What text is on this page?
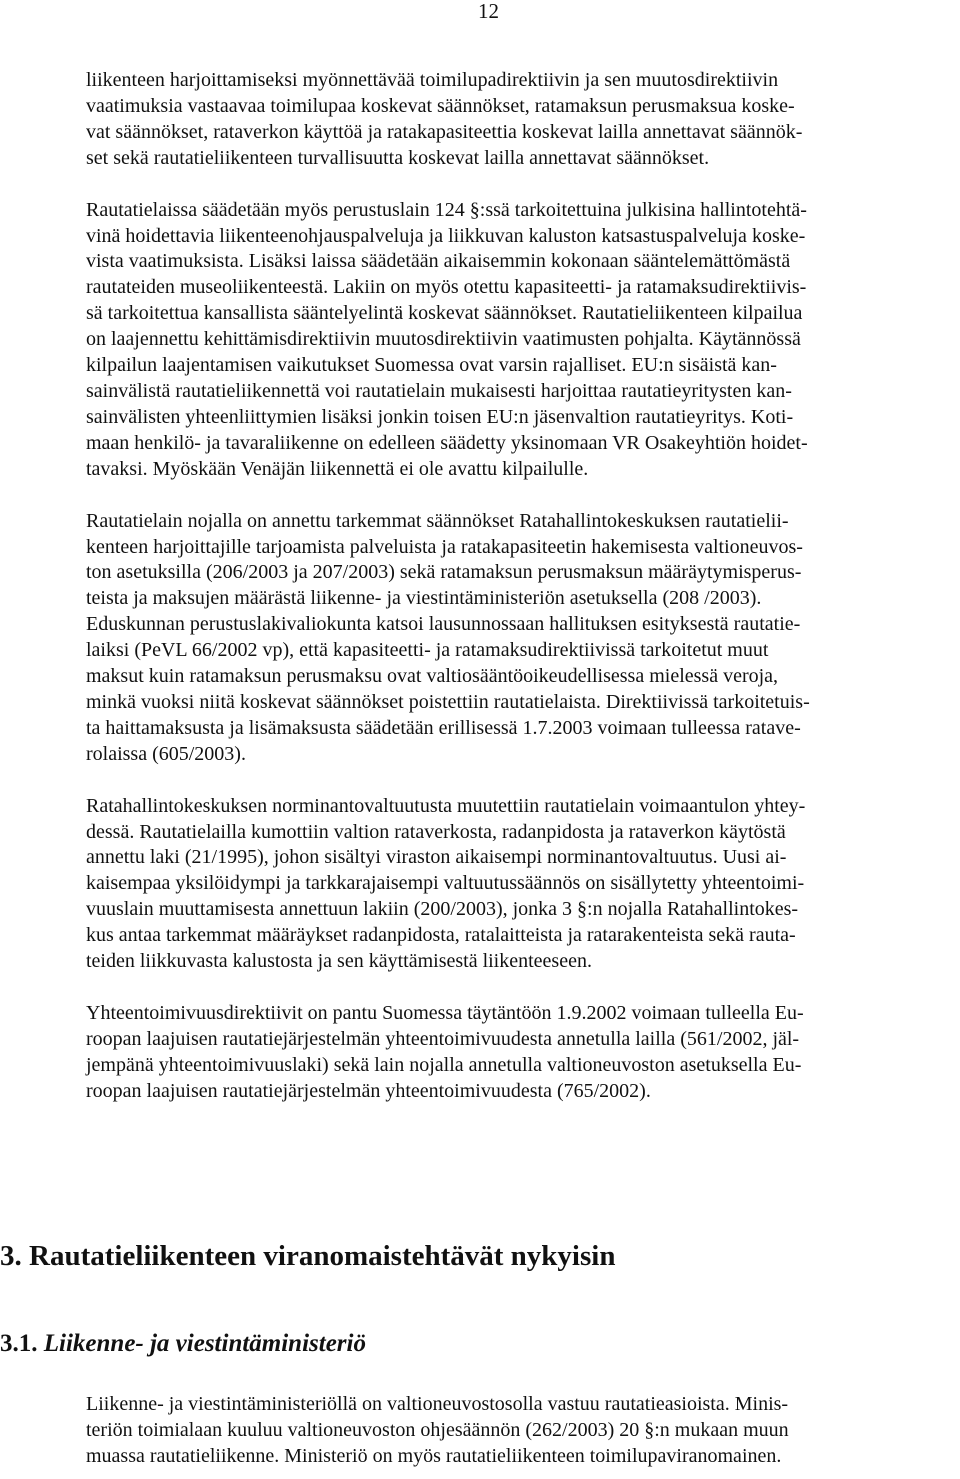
12

liikenteen harjoittamiseksi myönnettävää toimilupadirektiivin ja sen muutosdirektiivin
vaatimuksia vastaavaa toimilupaa koskevat säännökset, ratamaksun perusmaksua koske-
vat säännökset, rataverkon käyttöä ja ratakapasiteettia koskevat lailla annettavat säännök-
set sekä rautatieliikenteen turvallisuutta koskevat lailla annettavat säännökset.

Rautatielaissa säädetään myös perustuslain 124 §:ssä tarkoitettuina julkisina hallintotehtä-
vinä hoidettavia liikenteenohjauspalveluja ja liikkuvan kaluston katsastuspalveluja koske-
vista vaatimuksista. Lisäksi laissa säädetään aikaisemmin kokonaan sääntelemättömästä
rautateiden museoliikenteestä. Lakiin on myös otettu kapasiteetti- ja ratamaksudirektiivis-
sä tarkoitettua kansallista sääntelyelintä koskevat säännökset. Rautatieliikenteen kilpailua
on laajennettu kehittämisdirektiivin muutosdirektiivin vaatimusten pohjalta. Käytännössä
kilpailun laajentamisen vaikutukset Suomessa ovat varsin rajalliset. EU:n sisäistä kan-
sainvälistä rautatieliikennettä voi rautatielain mukaisesti harjoittaa rautatieyritysten kan-
sainvälisten yhteenliittymien lisäksi jonkin toisen EU:n jäsenvaltion rautatieyritys. Koti-
maan henkilö- ja tavaraliikenne on edelleen säädetty yksinomaan VR Osakeyhtiön hoidet-
tavaksi. Myöskään Venäjän liikennettä ei ole avattu kilpailulle.

Rautatielain nojalla on annettu tarkemmat säännökset Ratahallintokeskuksen rautatielii-
kenteen harjoittajille tarjoamista palveluista ja ratakapasiteetin hakemisesta valtioneuvos-
ton asetuksilla (206/2003 ja 207/2003) sekä ratamaksun perusmaksun määräytymisperus-
teista ja maksujen määrästä liikenne- ja viestintäministeriön asetuksella (208 /2003).
Eduskunnan perustuslakivaliokunta katsoi lausunnossaan hallituksen esityksestä rautatie-
laiksi (PeVL 66/2002 vp), että kapasiteetti- ja ratamaksudirektiivissä tarkoitetut muut
maksut kuin ratamaksun perusmaksu ovat valtiosääntöoikeudellisessa mielessä veroja,
minkä vuoksi niitä koskevat säännökset poistettiin rautatielaista. Direktiivissä tarkoitetuis-
ta haittamaksusta ja lisämaksusta säädetään erillisessä 1.7.2003 voimaan tulleessa ratave-
rolaissa (605/2003).

Ratahallintokeskuksen norminantovaltuutusta muutettiin rautatielain voimaantulon yhtey-
dessä. Rautatielailla kumottiin valtion rataverkosta, radanpidosta ja rataverkon käytöstä
annettu laki (21/1995), johon sisältyi viraston aikaisempi norminantovaltuutus. Uusi ai-
kaisempaa yksilöidympi ja tarkkarajaisempi valtuutussäännös on sisällytetty yhteentoimi-
vuuslain muuttamisesta annettuun lakiin (200/2003), jonka 3 §:n nojalla Ratahallintokes-
kus antaa tarkemmat määräykset radanpidosta, ratalaitteista ja ratarakenteista sekä rauta-
teiden liikkuvasta kalustosta ja sen käyttämisestä liikenteeseen.

Yhteentoimivuusdirektiivit on pantu Suomessa täytäntöön 1.9.2002 voimaan tulleella Eu-
roopan laajuisen rautatiejärjestelmän yhteentoimivuudesta annetulla lailla (561/2002, jäl-
jempänä yhteentoimivuuslaki) sekä lain nojalla annetulla valtioneuvoston asetuksella Eu-
roopan laajuisen rautatiejärjestelmän yhteentoimivuudesta (765/2002).

3. Rautatieliikenteen viranomaistehtävät nykyisin
3.1. Liikenne- ja viestintäministeriö

Liikenne- ja viestintäministeriöllä on valtioneuvostosolla vastuu rautatieasioista. Minis-
teriön toimialaan kuuluu valtioneuvoston ohjesäännön (262/2003) 20 §:n mukaan muun
muassa rautatieliikenne. Ministeriö on myös rautatieliikenteen toimilupaviranomainen.
